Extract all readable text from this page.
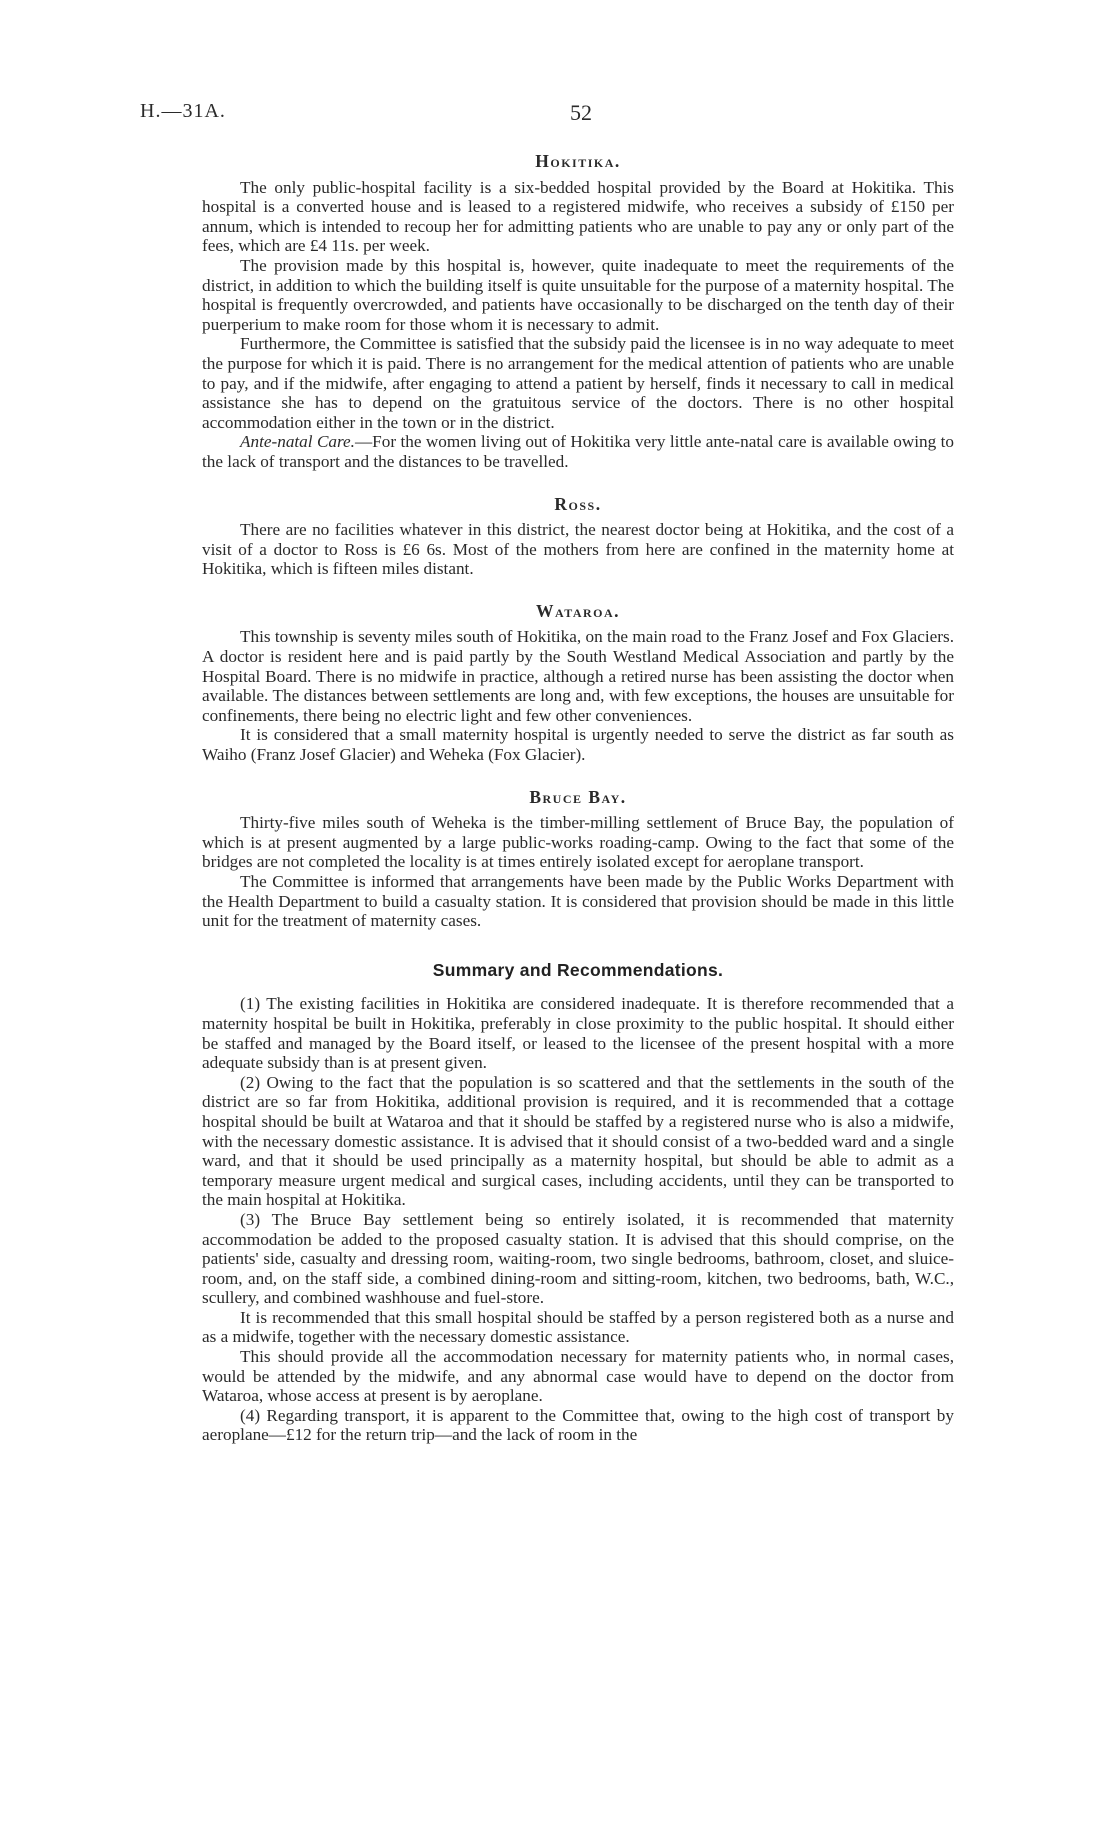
H.—31A.	52
Hokitika.

The only public-hospital facility is a six-bedded hospital provided by the Board at Hokitika. This hospital is a converted house and is leased to a registered midwife, who receives a subsidy of £150 per annum, which is intended to recoup her for admitting patients who are unable to pay any or only part of the fees, which are £4 11s. per week.

The provision made by this hospital is, however, quite inadequate to meet the requirements of the district, in addition to which the building itself is quite unsuitable for the purpose of a maternity hospital. The hospital is frequently overcrowded, and patients have occasionally to be discharged on the tenth day of their puerperium to make room for those whom it is necessary to admit.

Furthermore, the Committee is satisfied that the subsidy paid the licensee is in no way adequate to meet the purpose for which it is paid. There is no arrangement for the medical attention of patients who are unable to pay, and if the midwife, after engaging to attend a patient by herself, finds it necessary to call in medical assistance she has to depend on the gratuitous service of the doctors. There is no other hospital accommodation either in the town or in the district.

Ante-natal Care.—For the women living out of Hokitika very little ante-natal care is available owing to the lack of transport and the distances to be travelled.

Ross.

There are no facilities whatever in this district, the nearest doctor being at Hokitika, and the cost of a visit of a doctor to Ross is £6 6s. Most of the mothers from here are confined in the maternity home at Hokitika, which is fifteen miles distant.

Wataroa.

This township is seventy miles south of Hokitika, on the main road to the Franz Josef and Fox Glaciers. A doctor is resident here and is paid partly by the South Westland Medical Association and partly by the Hospital Board. There is no midwife in practice, although a retired nurse has been assisting the doctor when available. The distances between settlements are long and, with few exceptions, the houses are unsuitable for confinements, there being no electric light and few other conveniences.

It is considered that a small maternity hospital is urgently needed to serve the district as far south as Waiho (Franz Josef Glacier) and Weheka (Fox Glacier).

Bruce Bay.

Thirty-five miles south of Weheka is the timber-milling settlement of Bruce Bay, the population of which is at present augmented by a large public-works roading-camp. Owing to the fact that some of the bridges are not completed the locality is at times entirely isolated except for aeroplane transport.

The Committee is informed that arrangements have been made by the Public Works Department with the Health Department to build a casualty station. It is considered that provision should be made in this little unit for the treatment of maternity cases.

Summary and Recommendations.

(1) The existing facilities in Hokitika are considered inadequate. It is therefore recommended that a maternity hospital be built in Hokitika, preferably in close proximity to the public hospital. It should either be staffed and managed by the Board itself, or leased to the licensee of the present hospital with a more adequate subsidy than is at present given.

(2) Owing to the fact that the population is so scattered and that the settlements in the south of the district are so far from Hokitika, additional provision is required, and it is recommended that a cottage hospital should be built at Wataroa and that it should be staffed by a registered nurse who is also a midwife, with the necessary domestic assistance. It is advised that it should consist of a two-bedded ward and a single ward, and that it should be used principally as a maternity hospital, but should be able to admit as a temporary measure urgent medical and surgical cases, including accidents, until they can be transported to the main hospital at Hokitika.

(3) The Bruce Bay settlement being so entirely isolated, it is recommended that maternity accommodation be added to the proposed casualty station. It is advised that this should comprise, on the patients' side, casualty and dressing room, waiting-room, two single bedrooms, bathroom, closet, and sluice-room, and, on the staff side, a combined dining-room and sitting-room, kitchen, two bedrooms, bath, W.C., scullery, and combined washhouse and fuel-store.

It is recommended that this small hospital should be staffed by a person registered both as a nurse and as a midwife, together with the necessary domestic assistance.

This should provide all the accommodation necessary for maternity patients who, in normal cases, would be attended by the midwife, and any abnormal case would have to depend on the doctor from Wataroa, whose access at present is by aeroplane.

(4) Regarding transport, it is apparent to the Committee that, owing to the high cost of transport by aeroplane—£12 for the return trip—and the lack of room in the
